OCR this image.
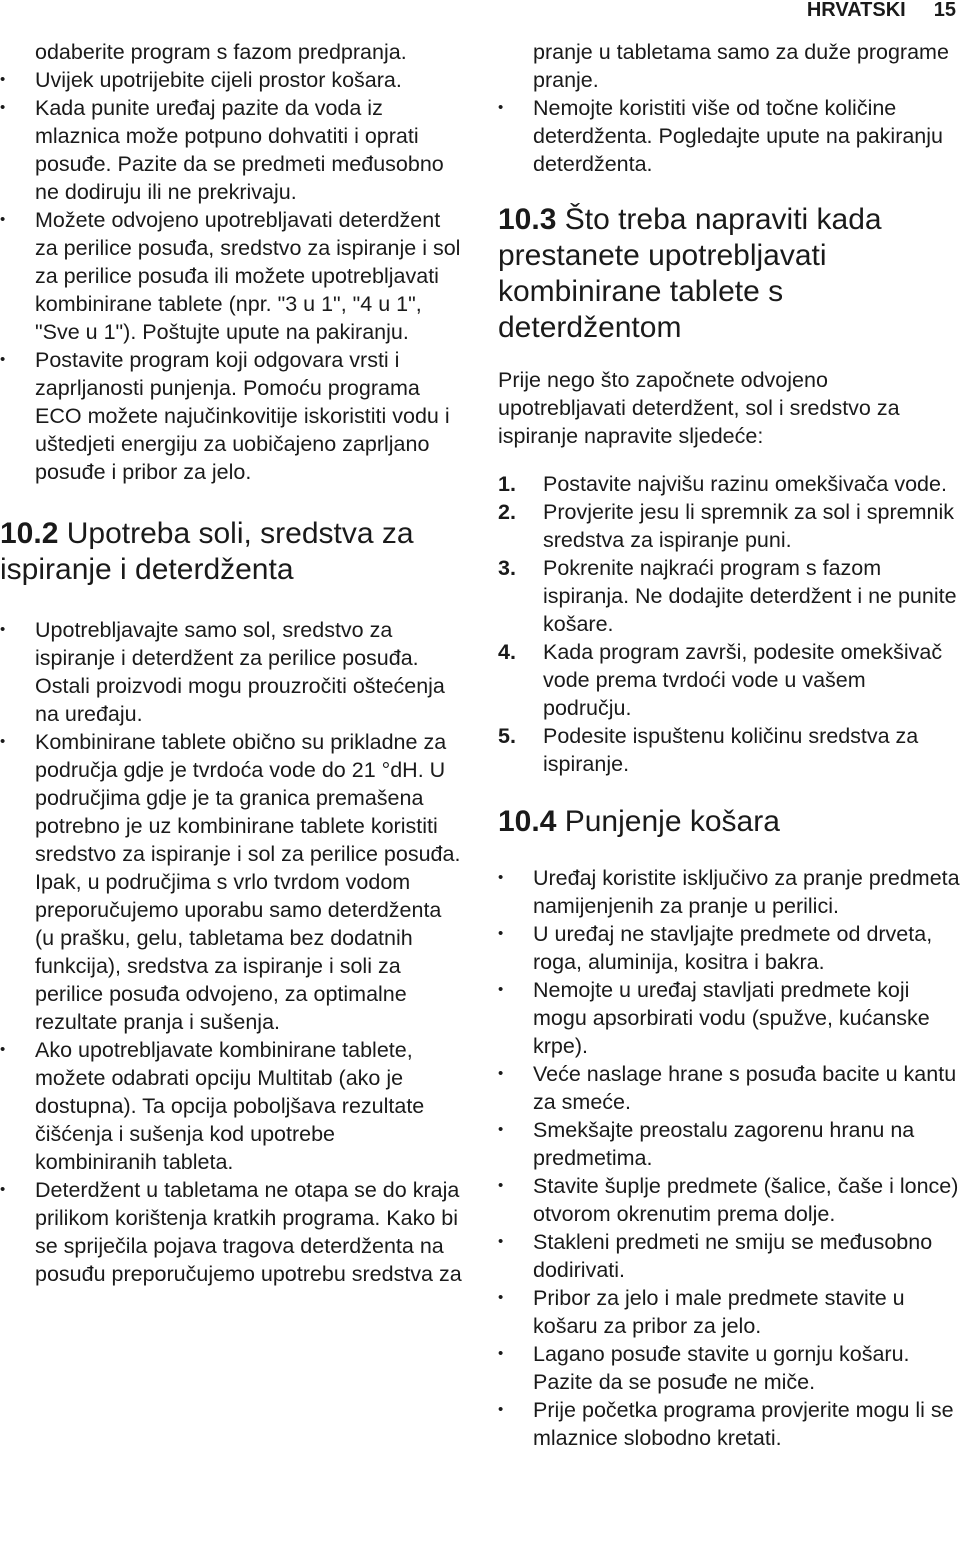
HRVATSKI 15
odaberite program s fazom predpranja.
• Uvijek upotrijebite cijeli prostor košara.
• Kada punite uređaj pazite da voda iz mlaznica može potpuno dohvatiti i oprati posuđe. Pazite da se predmeti međusobno ne dodiruju ili ne prekrivaju.
• Možete odvojeno upotrebljavati deterdžent za perilice posuđa, sredstvo za ispiranje i sol za perilice posuđa ili možete upotrebljavati kombinirane tablete (npr. "3 u 1", "4 u 1", "Sve u 1"). Poštujte upute na pakiranju.
• Postavite program koji odgovara vrsti i zaprljanosti punjenja. Pomoću programa ECO možete najučinkovitije iskoristiti vodu i uštedjeti energiju za uobičajeno zaprljano posuđe i pribor za jelo.
10.2 Upotreba soli, sredstva za ispiranje i deterdženta
• Upotrebljavajte samo sol, sredstvo za ispiranje i deterdžent za perilice posuđa. Ostali proizvodi mogu prouzročiti oštećenja na uređaju.
• Kombinirane tablete obično su prikladne za područja gdje je tvrdoća vode do 21 °dH. U područjima gdje je ta granica premašena potrebno je uz kombinirane tablete koristiti sredstvo za ispiranje i sol za perilice posuđa. Ipak, u područjima s vrlo tvrdom vodom preporučujemo uporabu samo deterdženta (u prašku, gelu, tabletama bez dodatnih funkcija), sredstva za ispiranje i soli za perilice posuđa odvojeno, za optimalne rezultate pranja i sušenja.
• Ako upotrebljavate kombinirane tablete, možete odabrati opciju Multitab (ako je dostupna). Ta opcija poboljšava rezultate čišćenja i sušenja kod upotrebe kombiniranih tableta.
• Deterdžent u tabletama ne otapa se do kraja prilikom korištenja kratkih programa. Kako bi se spriječila pojava tragova deterdženta na posuđu preporučujemo upotrebu sredstva za
pranje u tabletama samo za duže programe pranje.
• Nemojte koristiti više od točne količine deterdženta. Pogledajte upute na pakiranju deterdženta.
10.3 Što treba napraviti kada prestanete upotrebljavati kombinirane tablete s deterdžentom

Prije nego što započnete odvojeno upotrebljavati deterdžent, sol i sredstvo za ispiranje napravite sljedeće:

1. Postavite najvišu razinu omekšivača vode.
2. Provjerite jesu li spremnik za sol i spremnik sredstva za ispiranje puni.
3. Pokrenite najkraći program s fazom ispiranja. Ne dodajite deterdžent i ne punite košare.
4. Kada program završi, podesite omekšivač vode prema tvrdoći vode u vašem području.
5. Podesite ispuštenu količinu sredstva za ispiranje.
10.4 Punjenje košara
• Uređaj koristite isključivo za pranje predmeta namijenjenih za pranje u perilici.
• U uređaj ne stavljajte predmete od drveta, roga, aluminija, kositra i bakra.
• Nemojte u uređaj stavljati predmete koji mogu apsorbirati vodu (spužve, kućanske krpe).
• Veće naslage hrane s posuđa bacite u kantu za smeće.
• Smekšajte preostalu zagorenu hranu na predmetima.
• Stavite šuplje predmete (šalice, čaše i lonce) otvorom okrenutim prema dolje.
• Stakleni predmeti ne smiju se međusobno dodirivati.
• Pribor za jelo i male predmete stavite u košaru za pribor za jelo.
• Lagano posuđe stavite u gornju košaru. Pazite da se posuđe ne miče.
• Prije početka programa provjerite mogu li se mlaznice slobodno kretati.
